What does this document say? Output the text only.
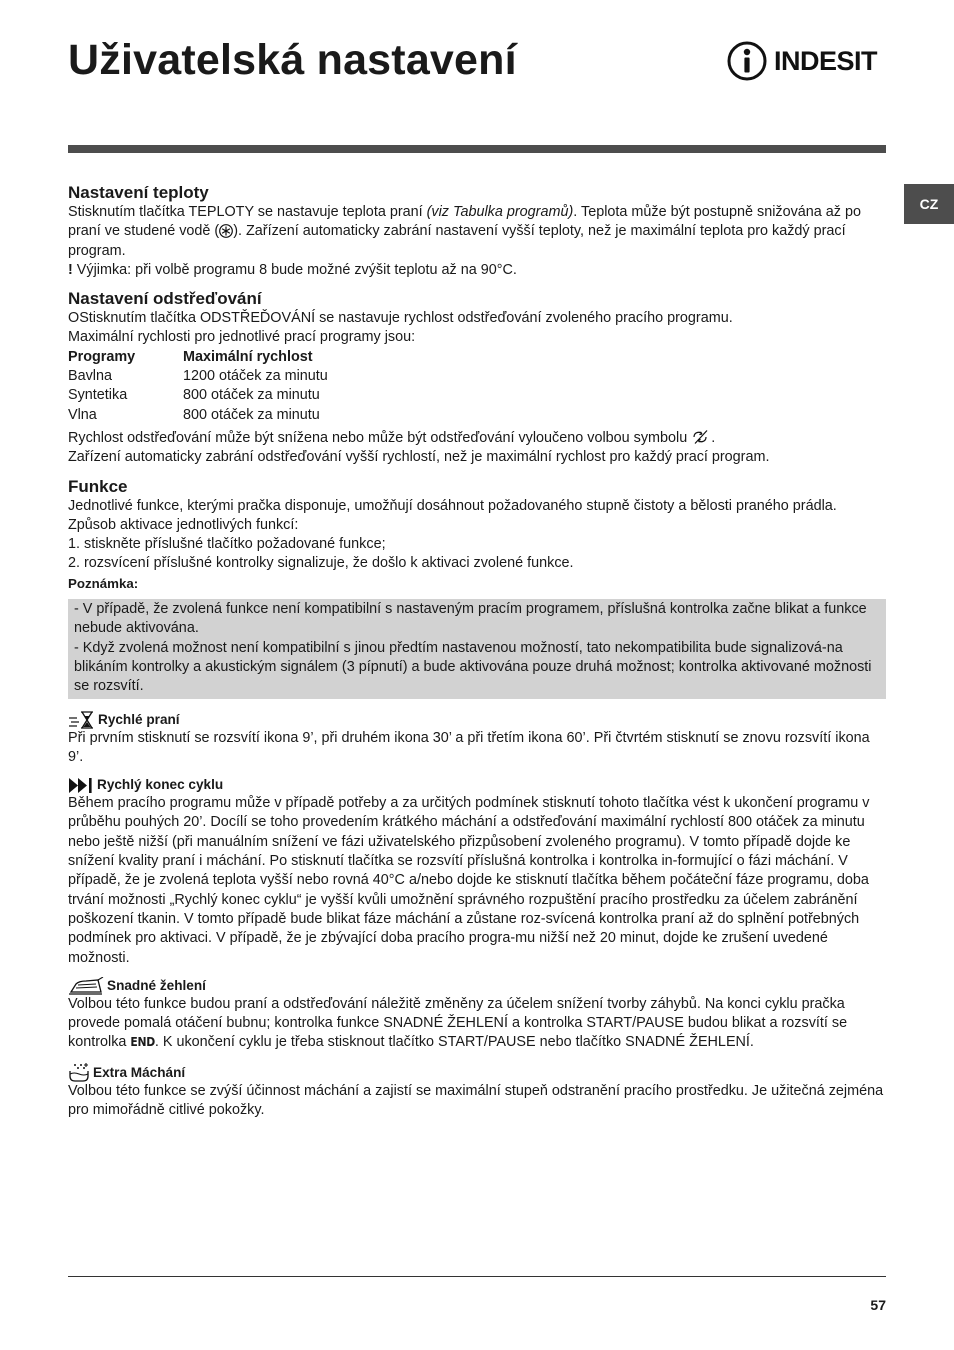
Uživatelská nastavení	INDESIT
CZ
Nastavení teploty

Stisknutím tlačítka TEPLOTY se nastavuje teplota praní (viz Tabulka programů). Teplota může být postupně snižována až po praní ve studené vodě ( ). Zařízení automaticky zabrání nastavení vyšší teploty, než je maximální teplota pro každý prací program.

! Výjimka: při volbě programu 8 bude možné zvýšit teplotu až na 90°C.

Nastavení odstřeďování

OStisknutím tlačítka ODSTŘEĎOVÁNÍ se nastavuje rychlost odstřeďování zvoleného pracího programu.

Maximální rychlosti pro jednotlivé prací programy jsou:

Programy	Maximální rychlost
Bavlna	1200 otáček za minutu
Syntetika	800 otáček za minutu
Vlna	800 otáček za minutu

Rychlost odstřeďování může být snížena nebo může být odstřeďování vyloučeno volbou symbolu .

Zařízení automaticky zabrání odstřeďování vyšší rychlostí, než je maximální rychlost pro každý prací program.

Funkce

Jednotlivé funkce, kterými pračka disponuje, umožňují dosáhnout požadovaného stupně čistoty a bělosti praného prádla.

Způsob aktivace jednotlivých funkcí:

1. stiskněte příslušné tlačítko požadované funkce;

2. rozsvícení příslušné kontrolky signalizuje, že došlo k aktivaci zvolené funkce.

Poznámka:

- V případě, že zvolená funkce není kompatibilní s nastaveným pracím programem, příslušná kontrolka začne blikat a funkce nebude aktivována.

- Když zvolená možnost není kompatibilní s jinou předtím nastavenou možností, tato nekompatibilita bude signalizová-na blikáním kontrolky a akustickým signálem (3 pípnutí) a bude aktivována pouze druhá možnost; kontrolka aktivované možnosti se rozsvítí.

Rychlé praní

Při prvním stisknutí se rozsvítí ikona 9’, při druhém ikona 30’ a při třetím ikona 60’. Při čtvrtém stisknutí se znovu rozsvítí ikona 9’.

Rychlý konec cyklu

Během pracího programu může v případě potřeby a za určitých podmínek stisknutí tohoto tlačítka vést k ukončení programu v průběhu pouhých 20’. Docílí se toho provedením krátkého máchání a odstřeďování maximální rychlostí 800 otáček za minutu nebo ještě nižší (při manuálním snížení ve fázi uživatelského přizpůsobení zvoleného programu). V tomto případě dojde ke snížení kvality praní i máchání. Po stisknutí tlačítka se rozsvítí příslušná kontrolka i kontrolka in-formující o fázi máchání. V případě, že je zvolená teplota vyšší nebo rovná 40°C a/nebo dojde ke stisknutí tlačítka během počáteční fáze programu, doba trvání možnosti „Rychlý konec cyklu“ je vyšší kvůli umožnění správného rozpuštění pracího prostředku za účelem zabránění poškození tkanin. V tomto případě bude blikat fáze máchání a zůstane roz-svícená kontrolka praní až do splnění potřebných podmínek pro aktivaci. V případě, že je zbývající doba pracího progra-mu nižší než 20 minut, dojde ke zrušení uvedené možnosti.

Snadné žehlení

Volbou této funkce budou praní a odstřeďování náležitě změněny za účelem snížení tvorby záhybů. Na konci cyklu pračka provede pomalá otáčení bubnu; kontrolka funkce SNADNÉ ŽEHLENÍ a kontrolka START/PAUSE budou blikat a rozsvítí se kontrolka END. K ukončení cyklu je třeba stisknout tlačítko START/PAUSE nebo tlačítko SNADNÉ ŽEHLENÍ.

Extra Máchání

Volbou této funkce se zvýší účinnost máchání a zajistí se maximální stupeň odstranění pracího prostředku. Je užitečná zejména pro mimořádně citlivé pokožky.

57
